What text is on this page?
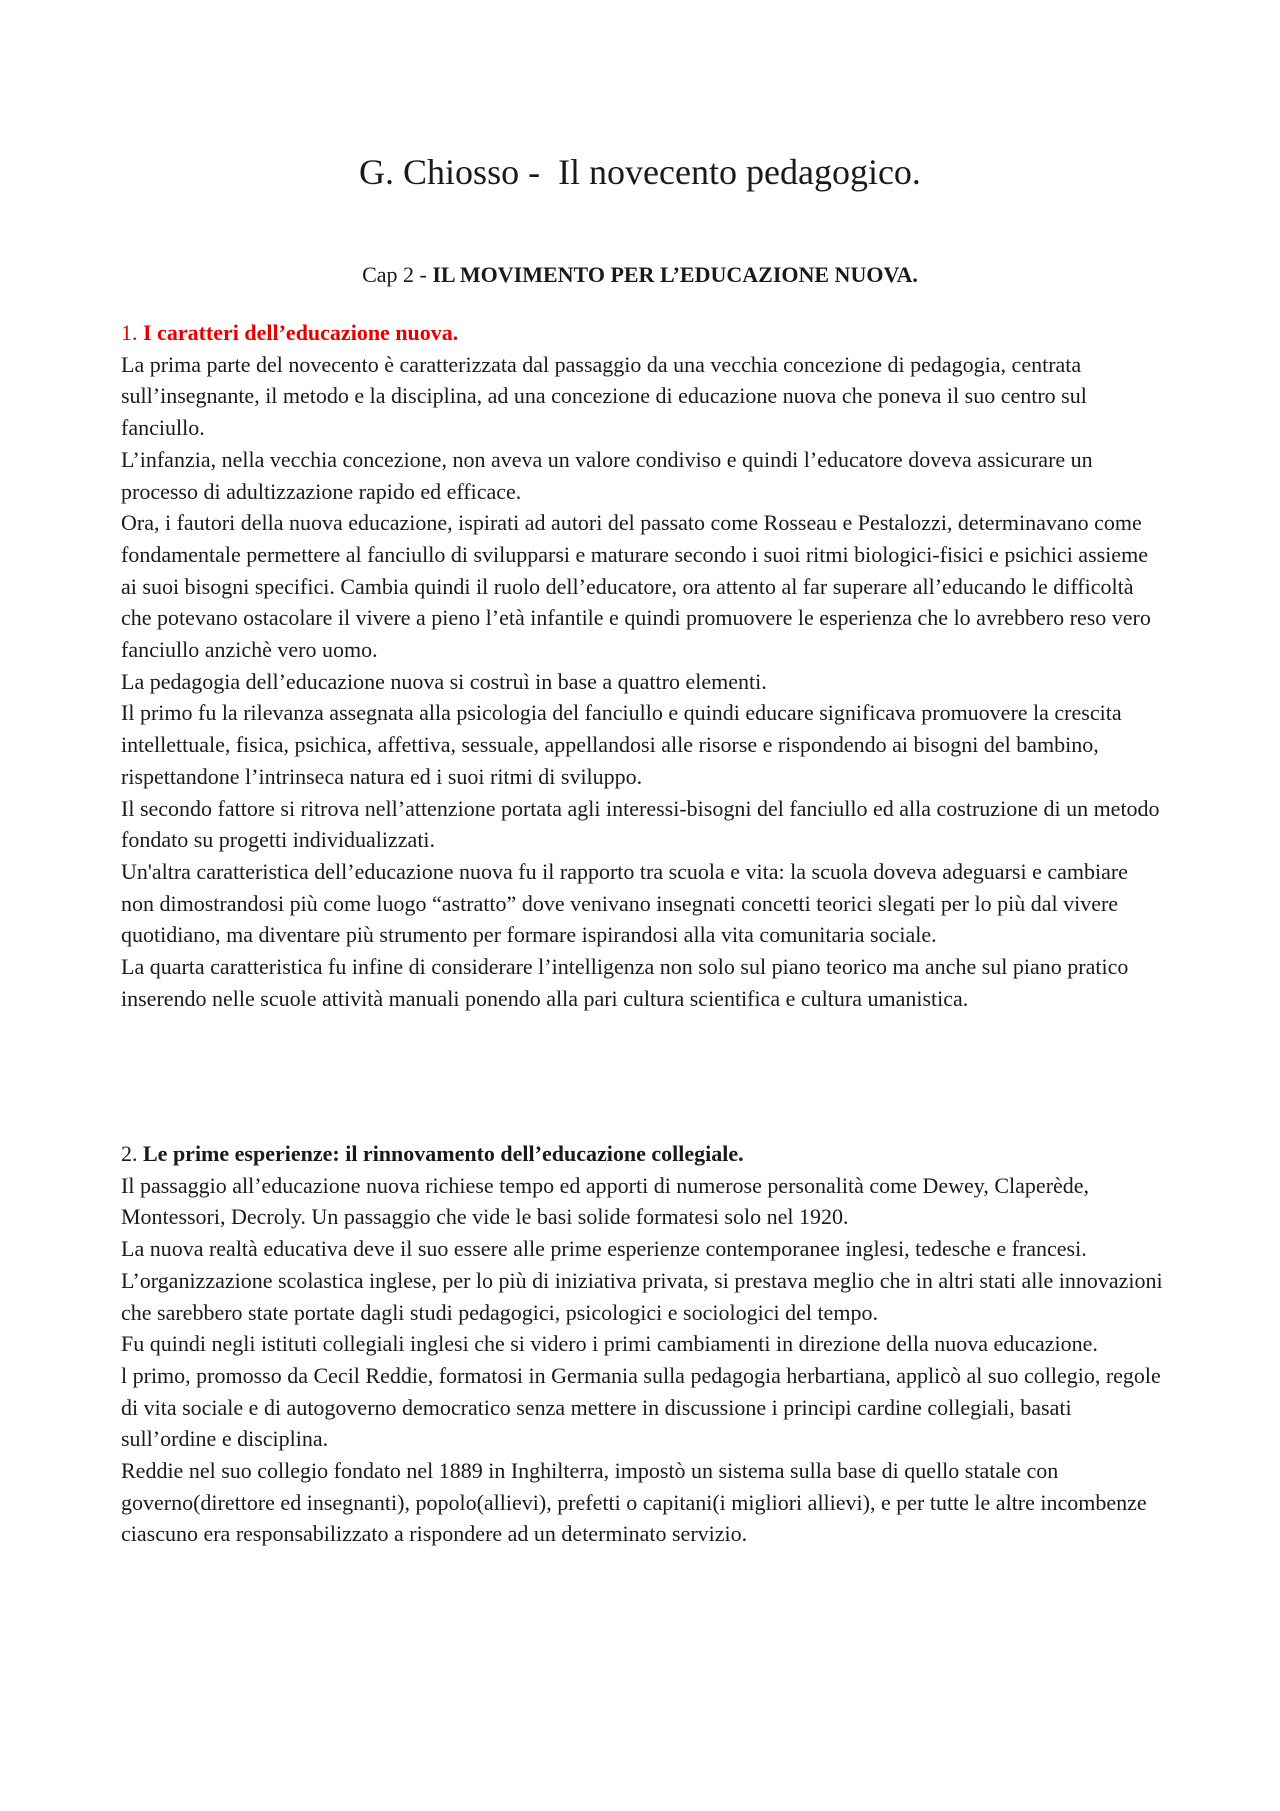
G. Chiosso -  Il novecento pedagogico.
Cap 2 - IL MOVIMENTO PER L’EDUCAZIONE NUOVA.

1. I caratteri dell’educazione nuova.

La prima parte del novecento è caratterizzata dal passaggio da una vecchia concezione di pedagogia, centrata sull’insegnante, il metodo e la disciplina, ad una concezione di educazione nuova che poneva il suo centro sul fanciullo.

L’infanzia, nella vecchia concezione, non aveva un valore condiviso e quindi l’educatore doveva assicurare un processo di adultizzazione rapido ed efficace.

Ora, i fautori della nuova educazione, ispirati ad autori del passato come Rosseau e Pestalozzi, determinavano come fondamentale permettere al fanciullo di svilupparsi e maturare secondo i suoi ritmi biologici-fisici e psichici assieme ai suoi bisogni specifici. Cambia quindi il ruolo dell’educatore, ora attento al far superare all’educando le difficoltà che potevano ostacolare il vivere a pieno l’età infantile e quindi promuovere le esperienza che lo avrebbero reso vero fanciullo anzichè vero uomo.

La pedagogia dell’educazione nuova si costruì in base a quattro elementi.

Il primo fu la rilevanza assegnata alla psicologia del fanciullo e quindi educare significava promuovere la crescita intellettuale, fisica, psichica, affettiva, sessuale, appellandosi alle risorse e rispondendo ai bisogni del bambino, rispettandone l’intrinseca natura ed i suoi ritmi di sviluppo.

Il secondo fattore si ritrova nell’attenzione portata agli interessi-bisogni del fanciullo ed alla costruzione di un metodo fondato su progetti individualizzati.

Un'altra caratteristica dell’educazione nuova fu il rapporto tra scuola e vita: la scuola doveva adeguarsi e cambiare non dimostrandosi più come luogo “astratto” dove venivano insegnati concetti teorici slegati per lo più dal vivere quotidiano, ma diventare più strumento per formare ispirandosi alla vita comunitaria sociale.

La quarta caratteristica fu infine di considerare l’intelligenza non solo sul piano teorico ma anche sul piano pratico inserendo nelle scuole attività manuali ponendo alla pari cultura scientifica e cultura umanistica.

2. Le prime esperienze: il rinnovamento dell’educazione collegiale.

Il passaggio all’educazione nuova richiese tempo ed apporti di numerose personalità come Dewey, Claperède, Montessori, Decroly. Un passaggio che vide le basi solide formatesi solo nel 1920.

La nuova realtà educativa deve il suo essere alle prime esperienze contemporanee inglesi, tedesche e francesi.

L’organizzazione scolastica inglese, per lo più di iniziativa privata, si prestava meglio che in altri stati alle innovazioni che sarebbero state portate dagli studi pedagogici, psicologici e sociologici del tempo.

Fu quindi negli istituti collegiali inglesi che si videro i primi cambiamenti in direzione della nuova educazione.

l primo, promosso da Cecil Reddie, formatosi in Germania sulla pedagogia herbartiana, applicò al suo collegio, regole di vita sociale e di autogoverno democratico senza mettere in discussione i principi cardine collegiali, basati sull’ordine e disciplina.

Reddie nel suo collegio fondato nel 1889 in Inghilterra, impostò un sistema sulla base di quello statale con governo(direttore ed insegnanti), popolo(allievi), prefetti o capitani(i migliori allievi), e per tutte le altre incombenze ciascuno era responsabilizzato a rispondere ad un determinato servizio.
